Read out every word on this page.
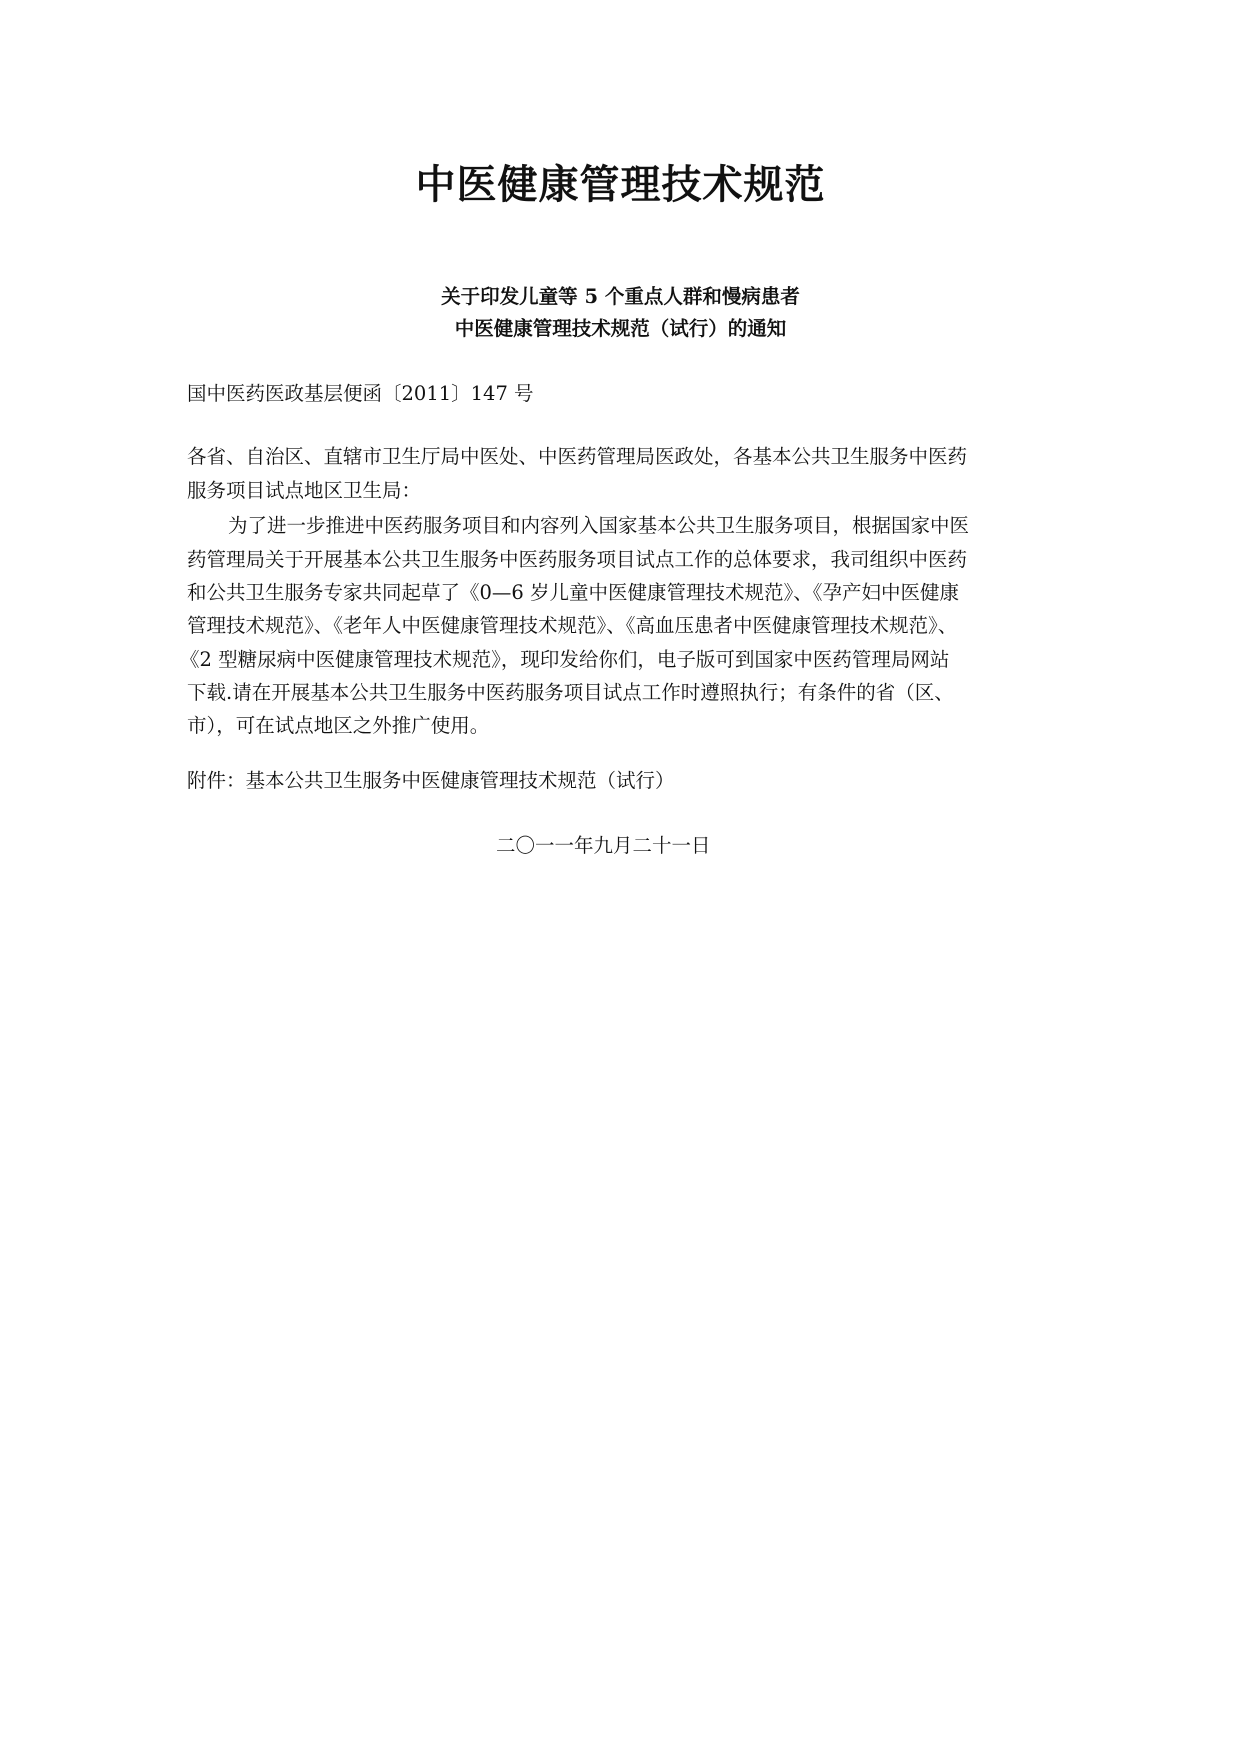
中医健康管理技术规范
关于印发儿童等 5 个重点人群和慢病患者
中医健康管理技术规范（试行）的通知
国中医药医政基层便函〔2011〕147 号
各省、自治区、直辖市卫生厅局中医处、中医药管理局医政处，各基本公共卫生服务中医药
服务项目试点地区卫生局：
为了进一步推进中医药服务项目和内容列入国家基本公共卫生服务项目，根据国家中医
药管理局关于开展基本公共卫生服务中医药服务项目试点工作的总体要求，我司组织中医药
和公共卫生服务专家共同起草了《0—6 岁儿童中医健康管理技术规范》、《孕产妇中医健康
管理技术规范》、《老年人中医健康管理技术规范》、《高血压患者中医健康管理技术规范》、
《2 型糖尿病中医健康管理技术规范》，现印发给你们，电子版可到国家中医药管理局网站
下载.请在开展基本公共卫生服务中医药服务项目试点工作时遵照执行；有条件的省（区、
市），可在试点地区之外推广使用。
附件：基本公共卫生服务中医健康管理技术规范（试行）
二〇一一年九月二十一日
